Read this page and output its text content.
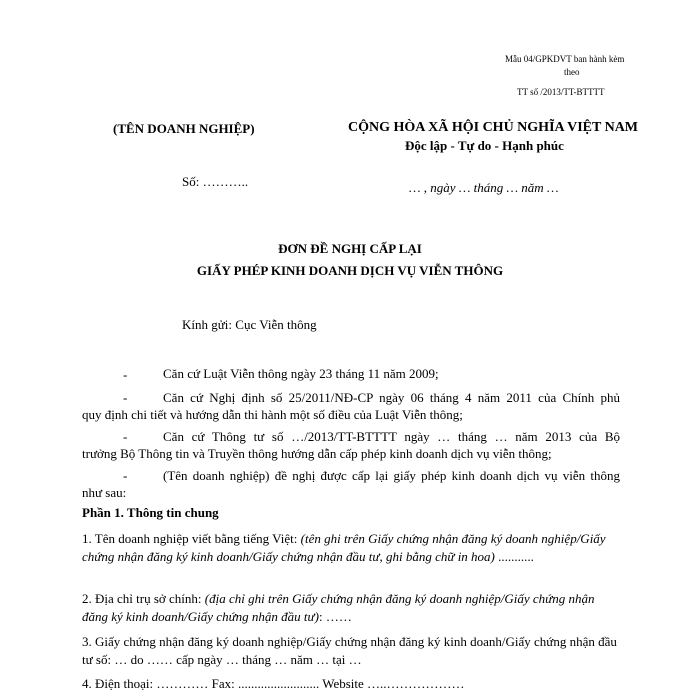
Mẫu 04/GPKDVT ban hành kèm
theo
TT số /2013/TT-BTTTT
(TÊN DOANH NGHIỆP)	CỘNG HÒA XÃ HỘI CHỦ NGHĨA VIỆT NAM
Độc lập - Tự do - Hạnh phúc
Số: ………..	… , ngày … tháng … năm …
ĐƠN ĐỀ NGHỊ CẤP LẠI
GIẤY PHÉP KINH DOANH DỊCH VỤ VIỄN THÔNG
Kính gửi: Cục Viễn thông
-	Căn cứ Luật Viễn thông ngày 23 tháng 11 năm 2009;
-	Căn cứ Nghị định số 25/2011/NĐ-CP ngày 06 tháng 4 năm 2011 của Chính phủ
quy định chi tiết và hướng dẫn thi hành một số điều của Luật Viễn thông;
-	Căn cứ Thông tư số …/2013/TT-BTTTT ngày … tháng … năm 2013 của Bộ
trưởng Bộ Thông tin và Truyền thông hướng dẫn cấp phép kinh doanh dịch vụ viễn thông;
-	(Tên doanh nghiệp) đề nghị được cấp lại giấy phép kinh doanh dịch vụ viễn thông
như sau:
Phần 1. Thông tin chung
1. Tên doanh nghiệp viết bằng tiếng Việt: (tên ghi trên Giấy chứng nhận đăng ký doanh nghiệp/Giấy chứng nhận đăng ký kinh doanh/Giấy chứng nhận đầu tư, ghi bằng chữ in hoa) ...........
2. Địa chỉ trụ sở chính: (địa chỉ ghi trên Giấy chứng nhận đăng ký doanh nghiệp/Giấy chứng nhận đăng ký kinh doanh/Giấy chứng nhận đầu tư): ……
3. Giấy chứng nhận đăng ký doanh nghiệp/Giấy chứng nhận đăng ký kinh doanh/Giấy chứng nhận đầu tư số: … do …… cấp ngày … tháng … năm … tại …
4. Điện thoại: ………… Fax: ......................... Website …..………………
